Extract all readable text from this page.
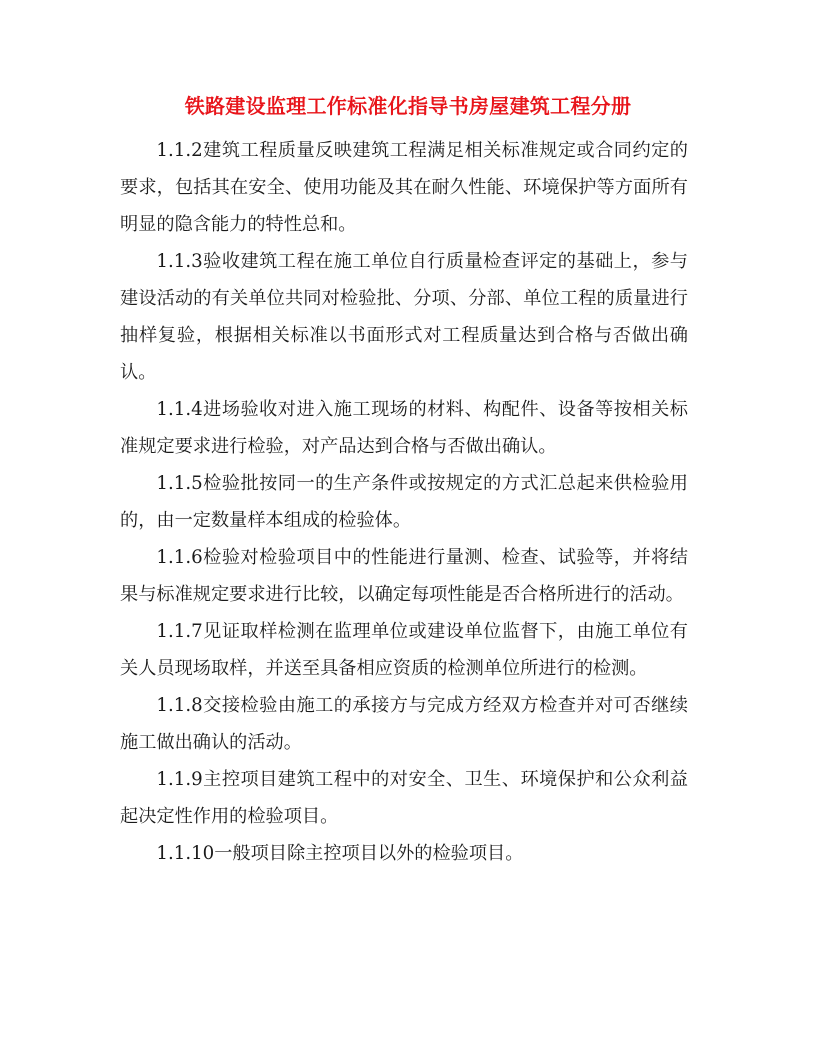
铁路建设监理工作标准化指导书房屋建筑工程分册

1.1.2建筑工程质量反映建筑工程满足相关标准规定或合同约定的要求，包括其在安全、使用功能及其在耐久性能、环境保护等方面所有明显的隐含能力的特性总和。

1.1.3验收建筑工程在施工单位自行质量检查评定的基础上，参与建设活动的有关单位共同对检验批、分项、分部、单位工程的质量进行抽样复验，根据相关标准以书面形式对工程质量达到合格与否做出确认。

1.1.4进场验收对进入施工现场的材料、构配件、设备等按相关标准规定要求进行检验，对产品达到合格与否做出确认。

1.1.5检验批按同一的生产条件或按规定的方式汇总起来供检验用的，由一定数量样本组成的检验体。

1.1.6检验对检验项目中的性能进行量测、检查、试验等，并将结果与标准规定要求进行比较，以确定每项性能是否合格所进行的活动。

1.1.7见证取样检测在监理单位或建设单位监督下，由施工单位有关人员现场取样，并送至具备相应资质的检测单位所进行的检测。

1.1.8交接检验由施工的承接方与完成方经双方检查并对可否继续施工做出确认的活动。

1.1.9主控项目建筑工程中的对安全、卫生、环境保护和公众利益起决定性作用的检验项目。

1.1.10一般项目除主控项目以外的检验项目。
